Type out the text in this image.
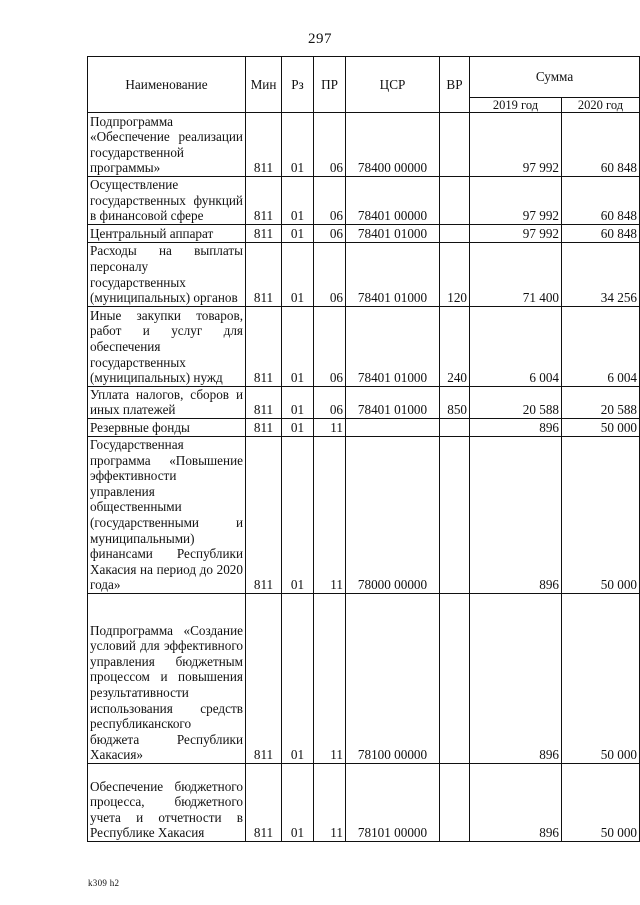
297
Наименование	Мин	Рз	ПР	ЦСР	ВР	Сумма	
						2019 год	2020 год
Подпрограмма «Обеспечение реализации государственной программы»	811	01	06	78400 00000		97 992	60 848
Осуществление государственных функций в финансовой сфере	811	01	06	78401 00000		97 992	60 848
Центральный аппарат	811	01	06	78401 01000		97 992	60 848
Расходы на выплаты персоналу государственных (муниципальных) органов	811	01	06	78401 01000	120	71 400	34 256
Иные закупки товаров, работ и услуг для обеспечения государственных (муниципальных) нужд	811	01	06	78401 01000	240	6 004	6 004
Уплата налогов, сборов и иных платежей	811	01	06	78401 01000	850	20 588	20 588
Резервные фонды	811	01	11			896	50 000
Государственная программа «Повышение эффективности управления общественными (государственными и муниципальными) финансами Республики Хакасия на период до 2020 года»	811	01	11	78000 00000		896	50 000
Подпрограмма «Создание условий для эффективного управления бюджетным процессом и повышения результативности использования средств республиканского бюджета Республики Хакасия»	811	01	11	78100 00000		896	50 000
Обеспечение бюджетного процесса, бюджетного учета и отчетности в Республике Хакасия	811	01	11	78101 00000		896	50 000
k309 h2
